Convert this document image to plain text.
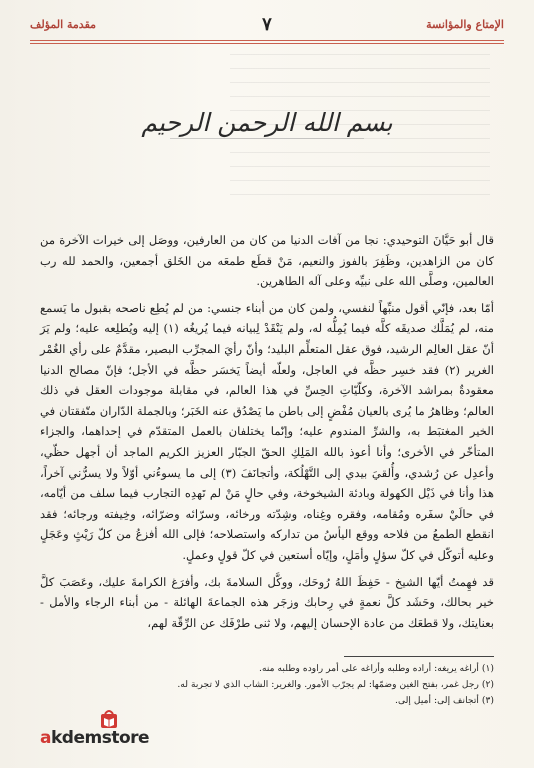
الإمتاع والمؤانسة
٧
مقدمة المؤلف
بسم الله الرحمن الرحيم

قال أبو حَيَّانَ التوحيدي: نجا من آفات الدنيا من كان من العارفين، ووصَل إلى خيرات الآخرة من كان من الزاهدين، وظَفِرَ بالفوز والنعيم، مَنْ قطَع طمعَه من الخَلق أجمعين، والحمد لله رب العالمين، وصلَّى الله على نبيِّه وعلى آله الطاهرين.

أمّا بعد، فإنّي أقول منبِّهاً لنفسي، ولمن كان من أبناء جنسي: من لم يُطِع ناصحه بقبول ما يَسمع منه، لم يُمَلَّك صديقَه كلَّه فيما يُمِلُّه له، ولم يَنْقَدْ لِبيانه فيما يُريغُه (١) إليه ويُطلِعه عليه؛ ولم يَرَ أنّ عقل العالِم الرشيد، فوق عقل المتعلِّم البليد؛ وأنّ رأيَ المجرِّب البصير، مقدَّمٌ على رأي الغُمْر الغرير (٢) فقد خسِر حظَّه في العاجل، ولعلّه أيضاً يَخسَر حظَّه في الأجل؛ فإنّ مصالح الدنيا معقودةٌ بمراشد الآخرة، وكلّيّاتِ الحِسِّ في هذا العالم، في مقابلة موجودات العقل في ذلك العالم؛ وظاهرُ ما يُرى بالعيان مُفْضٍ إلى باطن ما يَصْدُق عنه الخَبَر؛ وبالجملة الدّاران متّفقتان في الخير المغتبَط به، والشرِّ المندوم عليه؛ وإنّما يختلفان بالعمل المتقدّم في إحداهما، والجزاء المتأخّر في الأخرى؛ وأنا أعوذ بالله المَلِكِ الحقّ الجبّار العزيز الكريم الماجد أن أجهل حظّي، وأعدِل عن رُشدي، وأُلقيَ بيدي إلى التَّهْلُكة، وأتجانَفَ (٣) إلى ما يسوءُني أوّلاً ولا يسرُّني آخراً، هذا وأنا في ذَيْل الكهولة وبادئة الشيخوخة، وفي حالٍ مَنْ لم تَهدِه التجارب فيما سلف من أيّامه، في حالَيْ سفَره ومُقامه، وفقره وغِناه، وشِدّته ورخائه، وسرّائه وضرّائه، وخِيفته ورجائه؛ فقد انقطع الطمعُ من فلاحه ووقع اليأسُ من تداركه واستصلاحه؛ فإلى الله أفزعُ من كلّ رَيْثٍ وعَجَلٍ وعليه أتوكّل في كلّ سؤلٍ وأمَلٍ، وإيّاه أستعين في كلّ قولٍ وعملٍ.

قد فهِمتُ أيّها الشيخ - حَفِظَ اللهُ رُوحَك، ووكَّل السلامةَ بك، وأفرَغ الكرامةَ عليك، وعَصَبَ كلَّ خير بحالك، وحَشَد كلَّ نعمةٍ في رِحابك وزجَر هذه الجماعةَ الهائلة - من أبناء الرجاء والأمل - بعنايتك، ولا قطعَك من عادة الإحسان إليهم، ولا ثنى طرْفَك عن الرِّقّة لهم،

(١) أراغه يريغه: أراده وطلبه وأراغه على أمر راوده وطلبه منه.
(٢) رجل غمر، بفتح الغين وضمّها: لم يجرّب الأمور. والغرير: الشاب الذي لا تجربة له.
(٣) أتجانف إلى: أميل إلى.
akdemstore
